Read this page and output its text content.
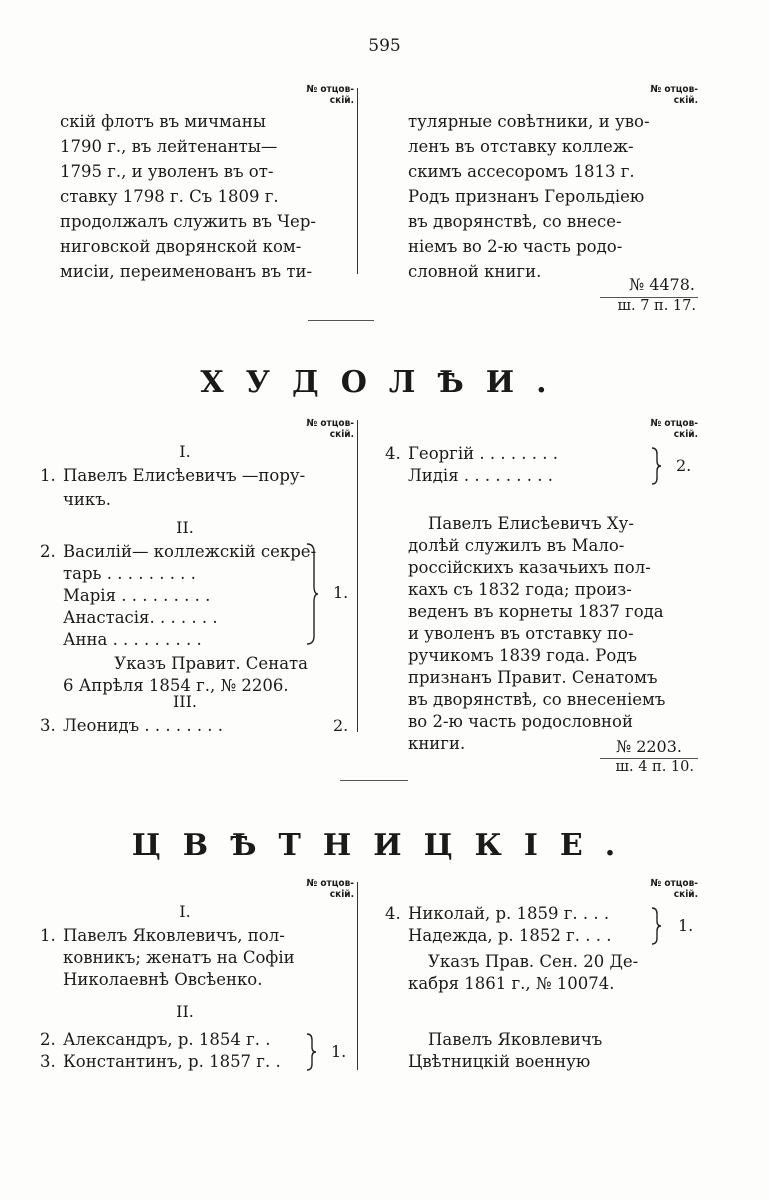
595
№ отцов-
скій.
№ отцов-
скій.
скій флотъ въ мичманы
1790 г., въ лейтенанты—
1795 г., и уволенъ въ от-
ставку 1798 г. Съ 1809 г.
продолжалъ служить въ Чер-
ниговской дворянской ком-
мисіи, переименованъ въ ти-
тулярные совѣтники, и уво-
ленъ въ отставку коллеж-
скимъ ассесоромъ 1813 г.
Родъ признанъ Герольдіею
въ дворянствѣ, со внесе-
ніемъ во 2-ю часть родо-
словной книги.
№ 4478.
ш. 7 п. 17.
ХУДОЛѢИ.
№ отцов-
скій.
№ отцов-
скій.
I.
1. Павелъ Елисѣевичъ —пору-
чикъ.
II.
2. Василій— коллежскій секре-
тарь . . . . . . . . .
Марія . . . . . . . . .
Анастасія. . . . . . .
Анна . . . . . . . . .
1.
Указъ Правит. Сената
6 Апрѣля 1854 г., № 2206.
III.
3. Леонидъ . . . . . . . .	2.
4. Георгій . . . . . . . .
Лидія . . . . . . . . .
2.
Павелъ Елисѣевичъ Ху-
долѣй служилъ въ Мало-
россійскихъ казачьихъ пол-
кахъ съ 1832 года; произ-
веденъ въ корнеты 1837 года
и уволенъ въ отставку по-
ручикомъ 1839 года. Родъ
признанъ Правит. Сенатомъ
въ дворянствѣ, со внесеніемъ
во 2-ю часть родословной
книги.	№ 2203.
ш. 4 п. 10.
ЦВѢТНИЦКІЕ.
№ отцов-
скій.
№ отцов-
скій.
I.
1. Павелъ Яковлевичъ, пол-
ковникъ; женатъ на Софіи
Николаевнѣ Овсѣенко.
II.
2. Александръ, р. 1854 г. .
3. Константинъ, р. 1857 г. .
1.
4. Николай, р. 1859 г. . . .
Надежда, р. 1852 г. . . .
1.
Указъ Прав. Сен. 20 Де-
кабря 1861 г., № 10074.
Павелъ Яковлевичъ
Цвѣтницкій военную
